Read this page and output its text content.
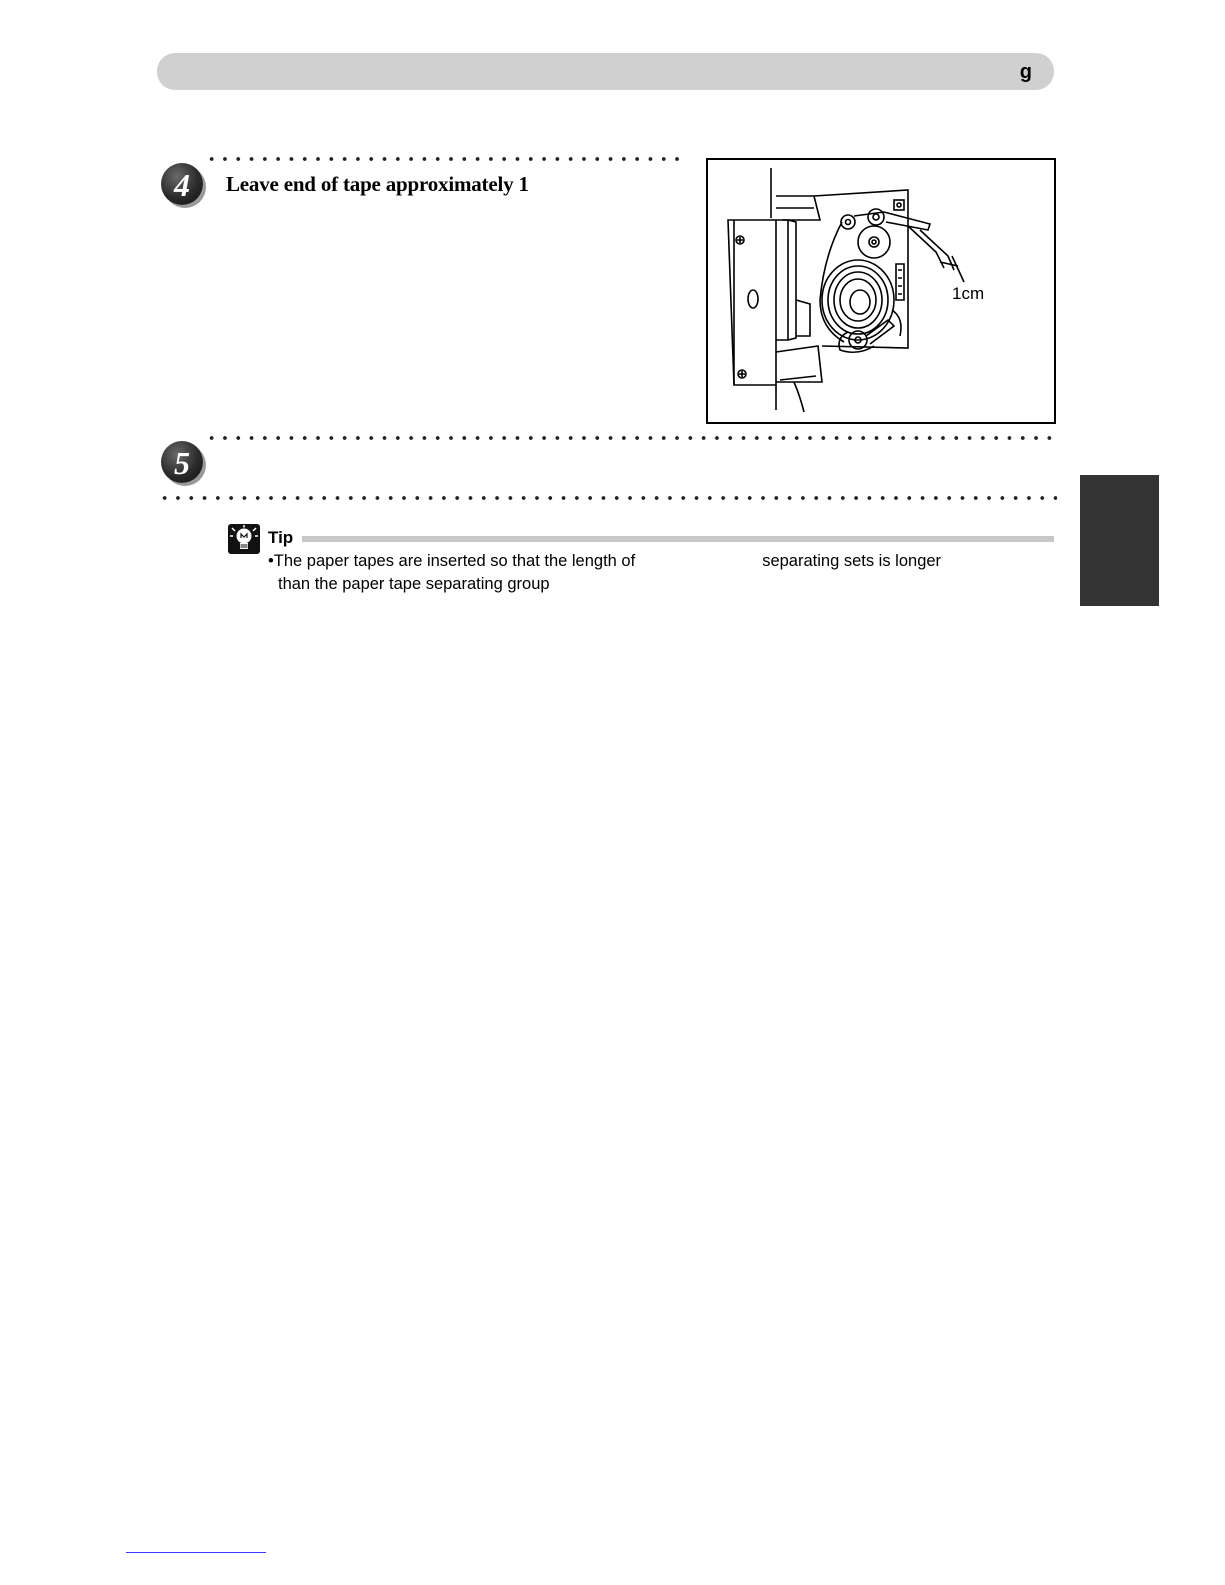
g
4	Leave end of tape approximately 1
1cm
5
Tip
•The paper tapes are inserted so that the length of	separating sets is longer
than the paper tape separating group
